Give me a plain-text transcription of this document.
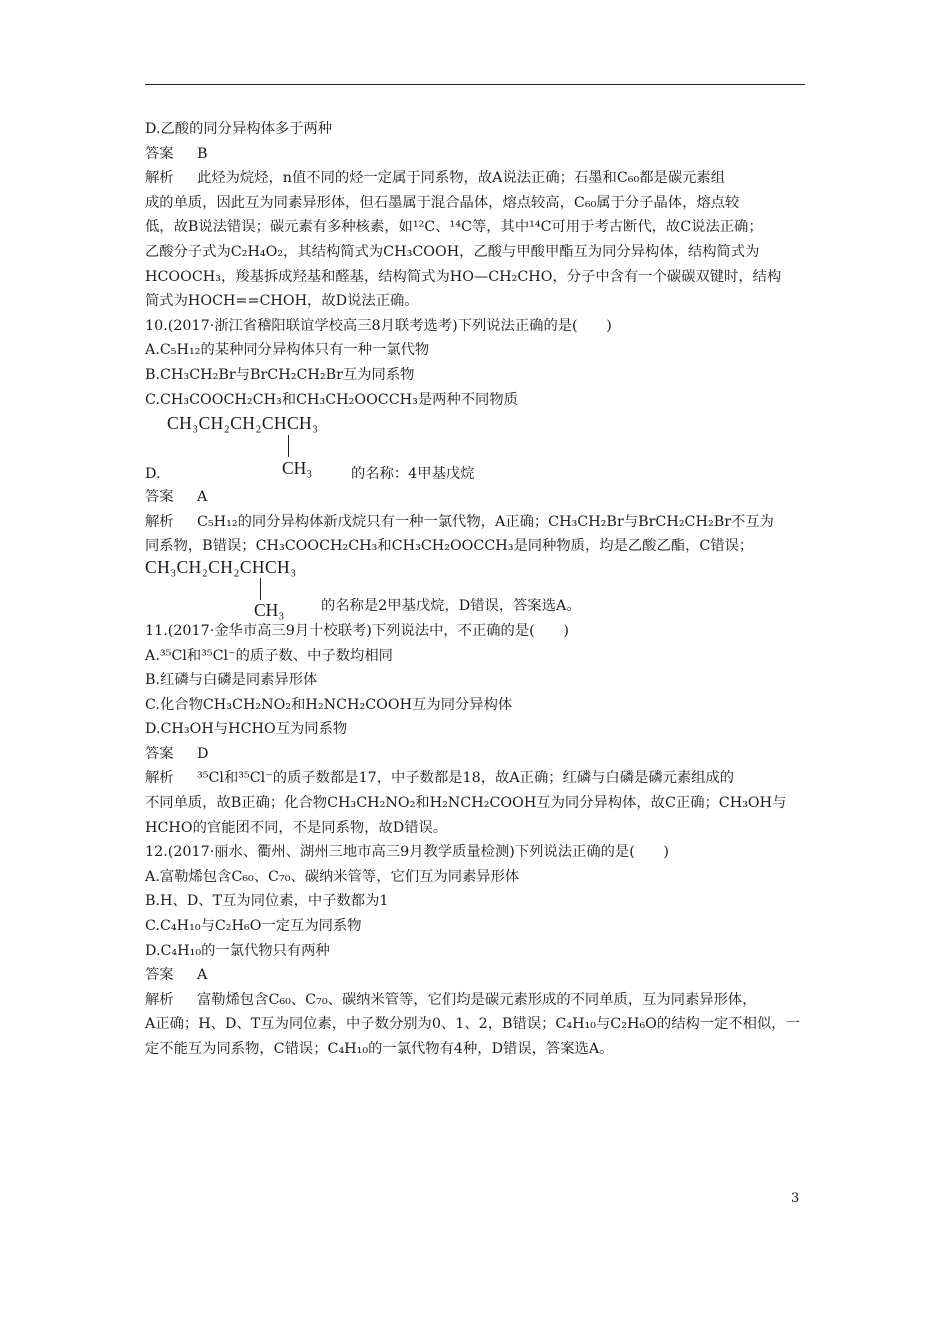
D.乙酸的同分异构体多于两种
答案 B
解析 此烃为烷烃，n值不同的烃一定属于同系物，故A说法正确；石墨和C₆₀都是碳元素组
成的单质，因此互为同素异形体，但石墨属于混合晶体，熔点较高，C₆₀属于分子晶体，熔点较
低，故B说法错误；碳元素有多种核素，如¹²C、¹⁴C等，其中¹⁴C可用于考古断代，故C说法正确；
乙酸分子式为C₂H₄O₂，其结构简式为CH₃COOH，乙酸与甲酸甲酯互为同分异构体，结构简式为
HCOOCH₃，羧基拆成羟基和醛基，结构简式为HO—CH₂CHO，分子中含有一个碳碳双键时，结构
简式为HOCH==CHOH，故D说法正确。
10.(2017·浙江省稽阳联谊学校高三8月联考选考)下列说法正确的是(　　)
A.C₅H₁₂的某种同分异构体只有一种一氯代物
B.CH₃CH₂Br与BrCH₂CH₂Br互为同系物
C.CH₃COOCH₂CH₃和CH₃CH₂OOCCH₃是两种不同物质
CH₃CH₂CH₂CHCH₃
CH₃
D.	的名称：4甲基戊烷
答案 A
解析 C₅H₁₂的同分异构体新戊烷只有一种一氯代物，A正确；CH₃CH₂Br与BrCH₂CH₂Br不互为
同系物，B错误；CH₃COOCH₂CH₃和CH₃CH₂OOCCH₃是同种物质，均是乙酸乙酯，C错误；
CH₃CH₂CH₂CHCH₃
CH₃	的名称是2甲基戊烷，D错误，答案选A。
11.(2017·金华市高三9月十校联考)下列说法中，不正确的是(　　)
A.³⁵Cl和³⁵Cl⁻的质子数、中子数均相同
B.红磷与白磷是同素异形体
C.化合物CH₃CH₂NO₂和H₂NCH₂COOH互为同分异构体
D.CH₃OH与HCHO互为同系物
答案 D
解析 ³⁵Cl和³⁵Cl⁻的质子数都是17，中子数都是18，故A正确；红磷与白磷是磷元素组成的
不同单质，故B正确；化合物CH₃CH₂NO₂和H₂NCH₂COOH互为同分异构体，故C正确；CH₃OH与
HCHO的官能团不同，不是同系物，故D错误。
12.(2017·丽水、衢州、湖州三地市高三9月教学质量检测)下列说法正确的是(　　)
A.富勒烯包含C₆₀、C₇₀、碳纳米管等，它们互为同素异形体
B.H、D、T互为同位素，中子数都为1
C.C₄H₁₀与C₂H₆O一定互为同系物
D.C₄H₁₀的一氯代物只有两种
答案 A
解析 富勒烯包含C₆₀、C₇₀、碳纳米管等，它们均是碳元素形成的不同单质，互为同素异形体，
A正确；H、D、T互为同位素，中子数分别为0、1、2，B错误；C₄H₁₀与C₂H₆O的结构一定不相似，一
定不能互为同系物，C错误；C₄H₁₀的一氯代物有4种，D错误，答案选A。
3
